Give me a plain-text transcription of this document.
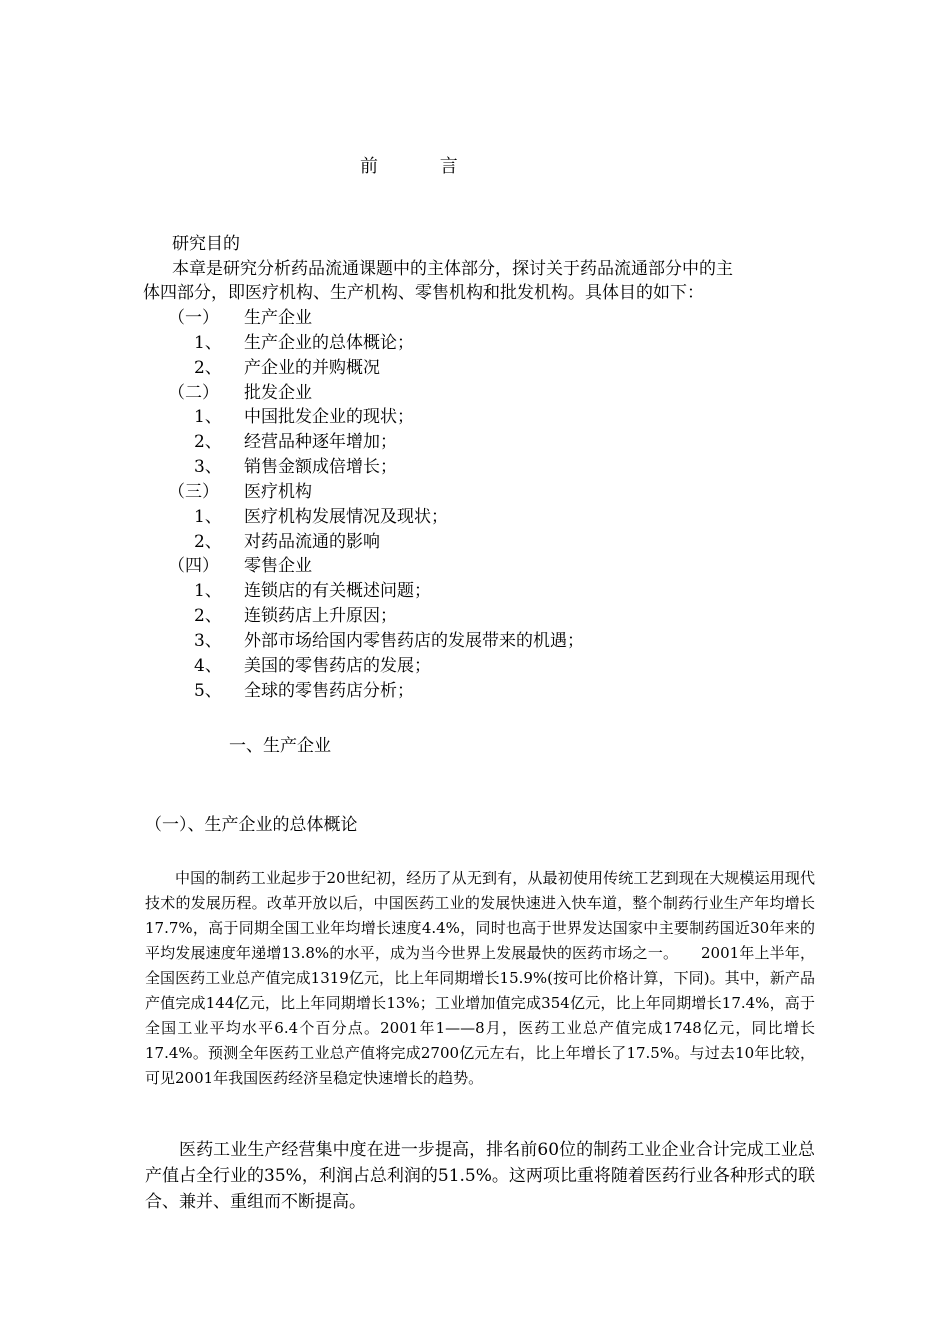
前 言
研究目的
本章是研究分析药品流通课题中的主体部分，探讨关于药品流通部分中的主
体四部分，即医疗机构、生产机构、零售机构和批发机构。具体目的如下：
（一） 生产企业
1、 生产企业的总体概论；
2、 产企业的并购概况
（二） 批发企业
1、 中国批发企业的现状；
2、 经营品种逐年增加；
3、 销售金额成倍增长；
（三） 医疗机构
1、 医疗机构发展情况及现状；
2、 对药品流通的影响
（四） 零售企业
1、 连锁店的有关概述问题；
2、 连锁药店上升原因；
3、 外部市场给国内零售药店的发展带来的机遇；
4、 美国的零售药店的发展；
5、 全球的零售药店分析；
一、生产企业
（一）、生产企业的总体概论

中国的制药工业起步于20世纪初，经历了从无到有，从最初使用传统工艺到现在大规模运用现代技术的发展历程。改革开放以后，中国医药工业的发展快速进入快车道，整个制药行业生产年均增长17.7%，高于同期全国工业年均增长速度4.4%，同时也高于世界发达国家中主要制药国近30年来的平均发展速度年递增13.8%的水平，成为当今世界上发展最快的医药市场之一。　　2001年上半年，全国医药工业总产值完成1319亿元，比上年同期增长15.9%(按可比价格计算，下同)。其中，新产品产值完成144亿元，比上年同期增长13%；工业增加值完成354亿元，比上年同期增长17.4%，高于全国工业平均水平6.4个百分点。2001年1——8月，医药工业总产值完成1748亿元，同比增长17.4%。预测全年医药工业总产值将完成2700亿元左右，比上年增长了17.5%。与过去10年比较，可见2001年我国医药经济呈稳定快速增长的趋势。

医药工业生产经营集中度在进一步提高，排名前60位的制药工业企业合计完成工业总产值占全行业的35%，利润占总利润的51.5%。这两项比重将随着医药行业各种形式的联合、兼并、重组而不断提高。
